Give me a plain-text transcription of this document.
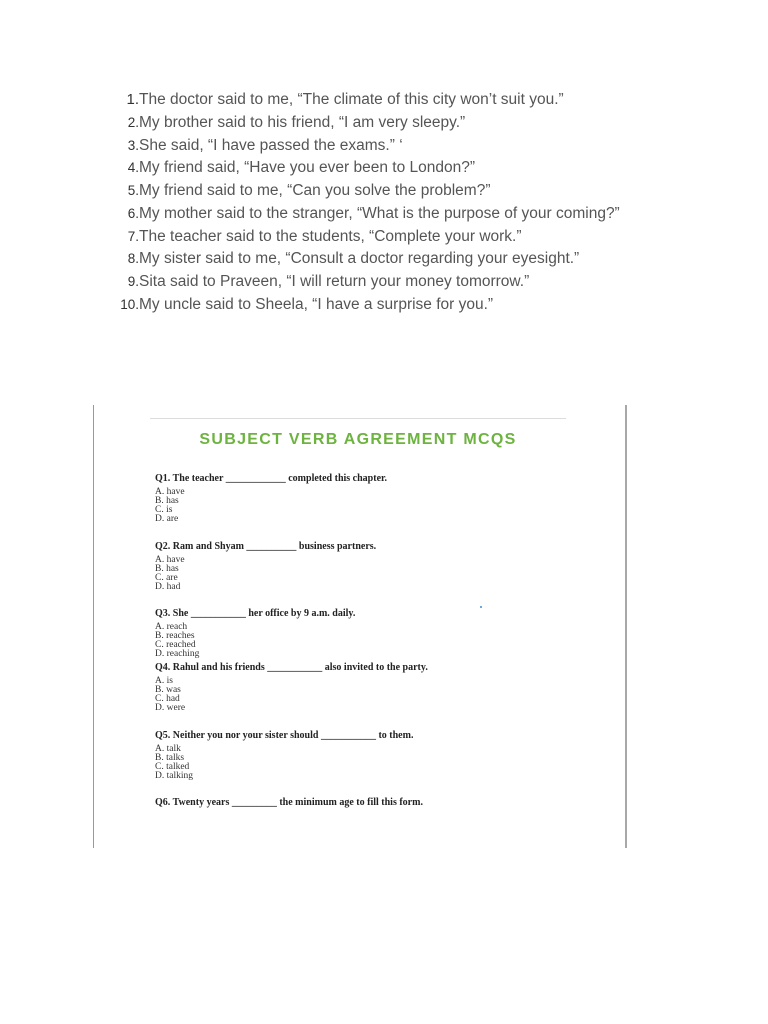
1. The doctor said to me, “The climate of this city won’t suit you.”
2. My brother said to his friend, “I am very sleepy.”
3. She said, “I have passed the exams.” ‘
4. My friend said, “Have you ever been to London?”
5. My friend said to me, “Can you solve the problem?”
6. My mother said to the stranger, “What is the purpose of your coming?”
7. The teacher said to the students, “Complete your work.”
8. My sister said to me, “Consult a doctor regarding your eyesight.”
9. Sita said to Praveen, “I will return your money tomorrow.”
10. My uncle said to Sheela, “I have a surprise for you.”
SUBJECT VERB AGREEMENT MCQS
Q1. The teacher ____________ completed this chapter.
A. have
B. has
C. is
D. are
Q2. Ram and Shyam __________ business partners.
A. have
B. has
C. are
D. had
Q3. She ___________ her office by 9 a.m. daily.
A. reach
B. reaches
C. reached
D. reaching
Q4. Rahul and his friends ___________ also invited to the party.
A. is
B. was
C. had
D. were
Q5. Neither you nor your sister should ___________ to them.
A. talk
B. talks
C. talked
D. talking
Q6. Twenty years _________ the minimum age to fill this form.
